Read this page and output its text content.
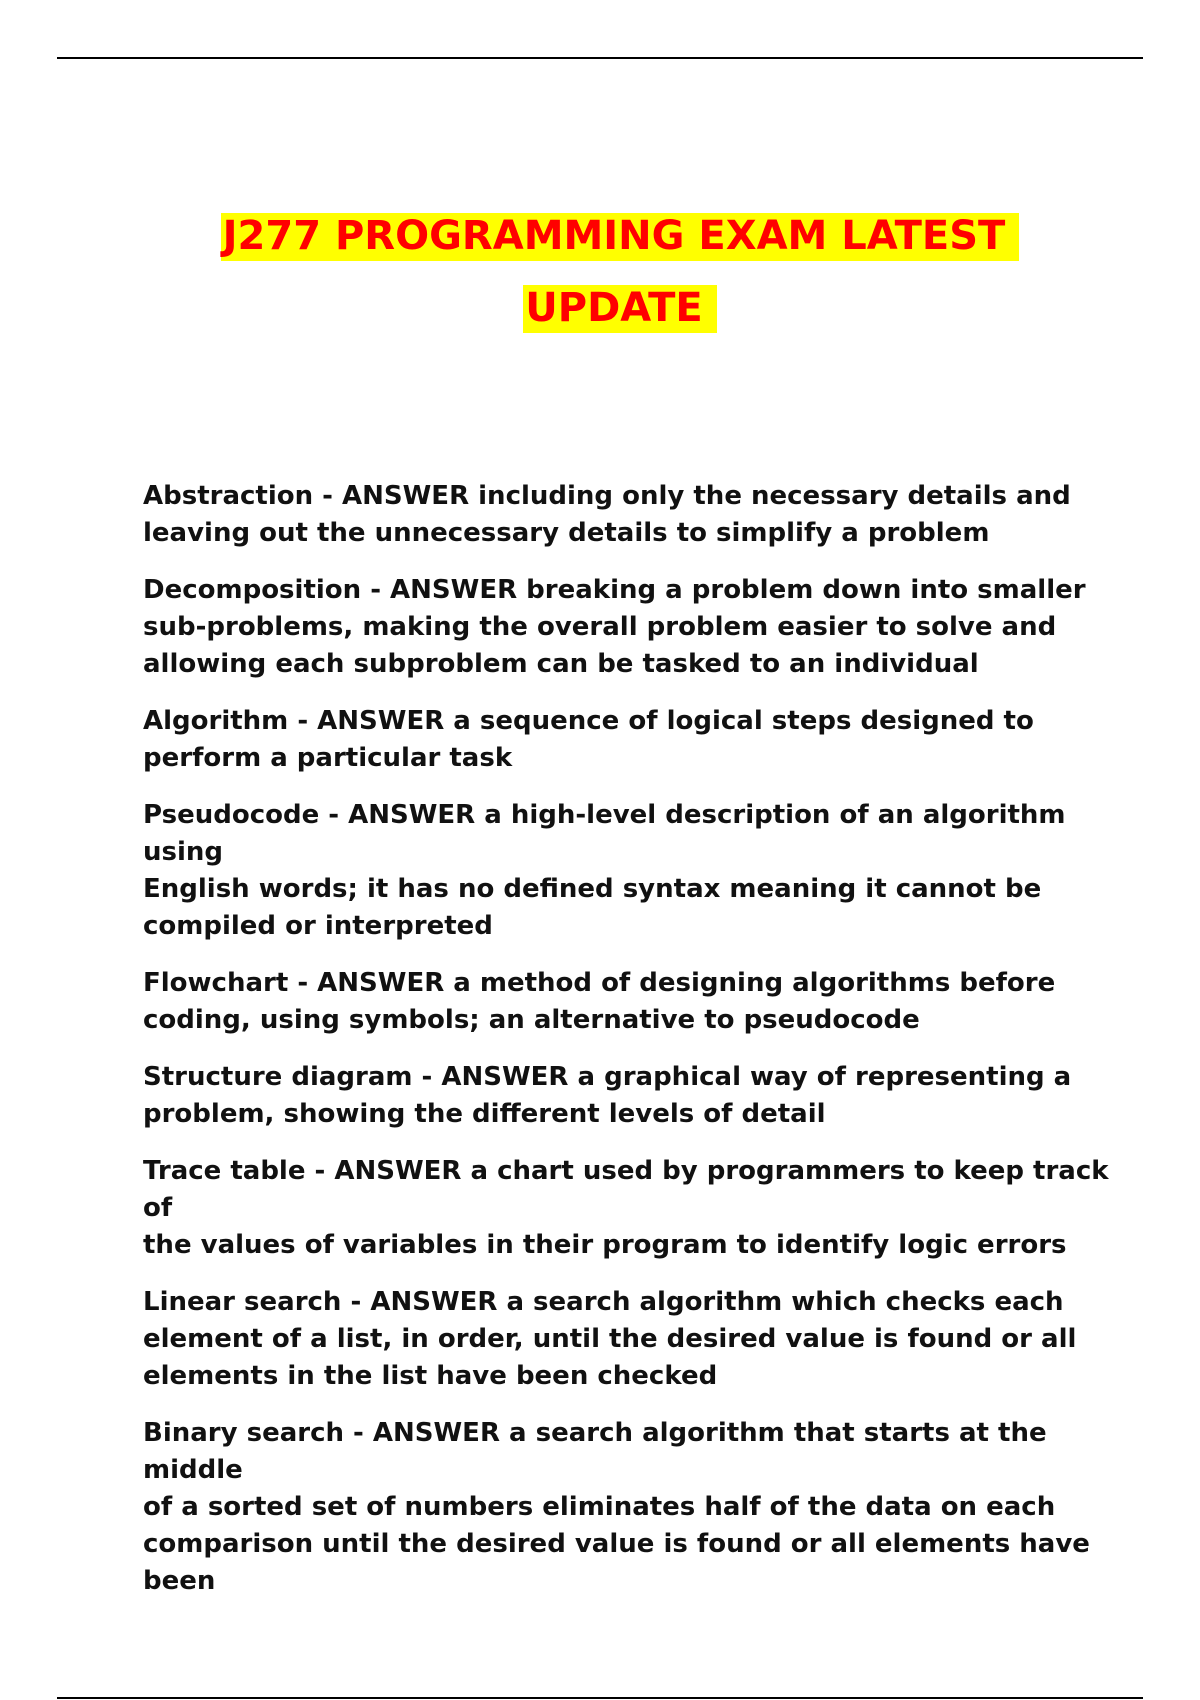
J277 PROGRAMMING EXAM LATEST
UPDATE
Abstraction - ANSWER including only the necessary details and
leaving out the unnecessary details to simplify a problem
Decomposition - ANSWER breaking a problem down into smaller
sub-problems, making the overall problem easier to solve and
allowing each subproblem can be tasked to an individual
Algorithm - ANSWER a sequence of logical steps designed to
perform a particular task
Pseudocode - ANSWER a high-level description of an algorithm using
English words; it has no defined syntax meaning it cannot be
compiled or interpreted
Flowchart - ANSWER a method of designing algorithms before
coding, using symbols; an alternative to pseudocode
Structure diagram - ANSWER a graphical way of representing a
problem, showing the different levels of detail
Trace table - ANSWER a chart used by programmers to keep track of
the values of variables in their program to identify logic errors
Linear search - ANSWER a search algorithm which checks each
element of a list, in order, until the desired value is found or all
elements in the list have been checked
Binary search - ANSWER a search algorithm that starts at the middle
of a sorted set of numbers eliminates half of the data on each
comparison until the desired value is found or all elements have been
